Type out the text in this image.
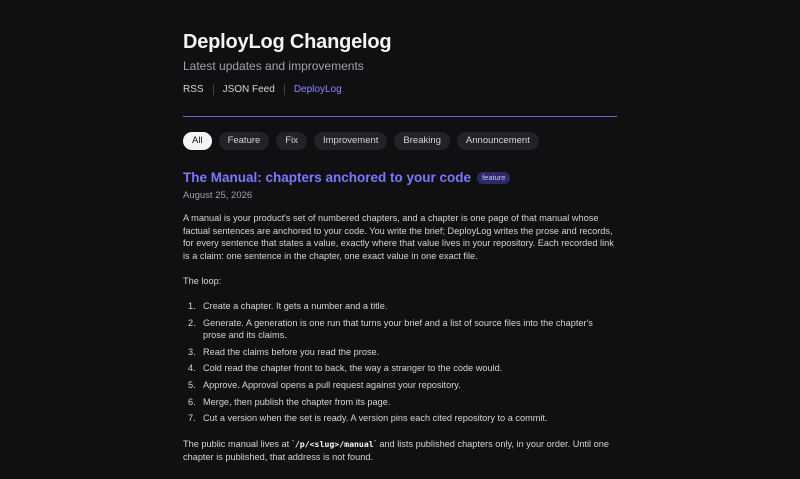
DeployLog Changelog
Latest updates and improvements
RSS JSON Feed DeployLog
All	Feature	Fix	Improvement	Breaking	Announcement
The Manual: chapters anchored to your code	feature
August 25, 2026

A manual is your product's set of numbered chapters, and a chapter is one page of that manual whose factual sentences are anchored to your code. You write the brief; DeployLog writes the prose and records, for every sentence that states a value, exactly where that value lives in your repository. Each recorded link is a claim: one sentence in the chapter, one exact value in one exact file.

The loop:

1. Create a chapter. It gets a number and a title.
2. Generate. A generation is one run that turns your brief and a list of source files into the chapter's prose and its claims.
3. Read the claims before you read the prose.
4. Cold read the chapter front to back, the way a stranger to the code would.
5. Approve. Approval opens a pull request against your repository.
6. Merge, then publish the chapter from its page.
7. Cut a version when the set is ready. A version pins each cited repository to a commit.

The public manual lives at `/p/<slug>/manual` and lists published chapters only, in your order. Until one chapter is published, that address is not found.
